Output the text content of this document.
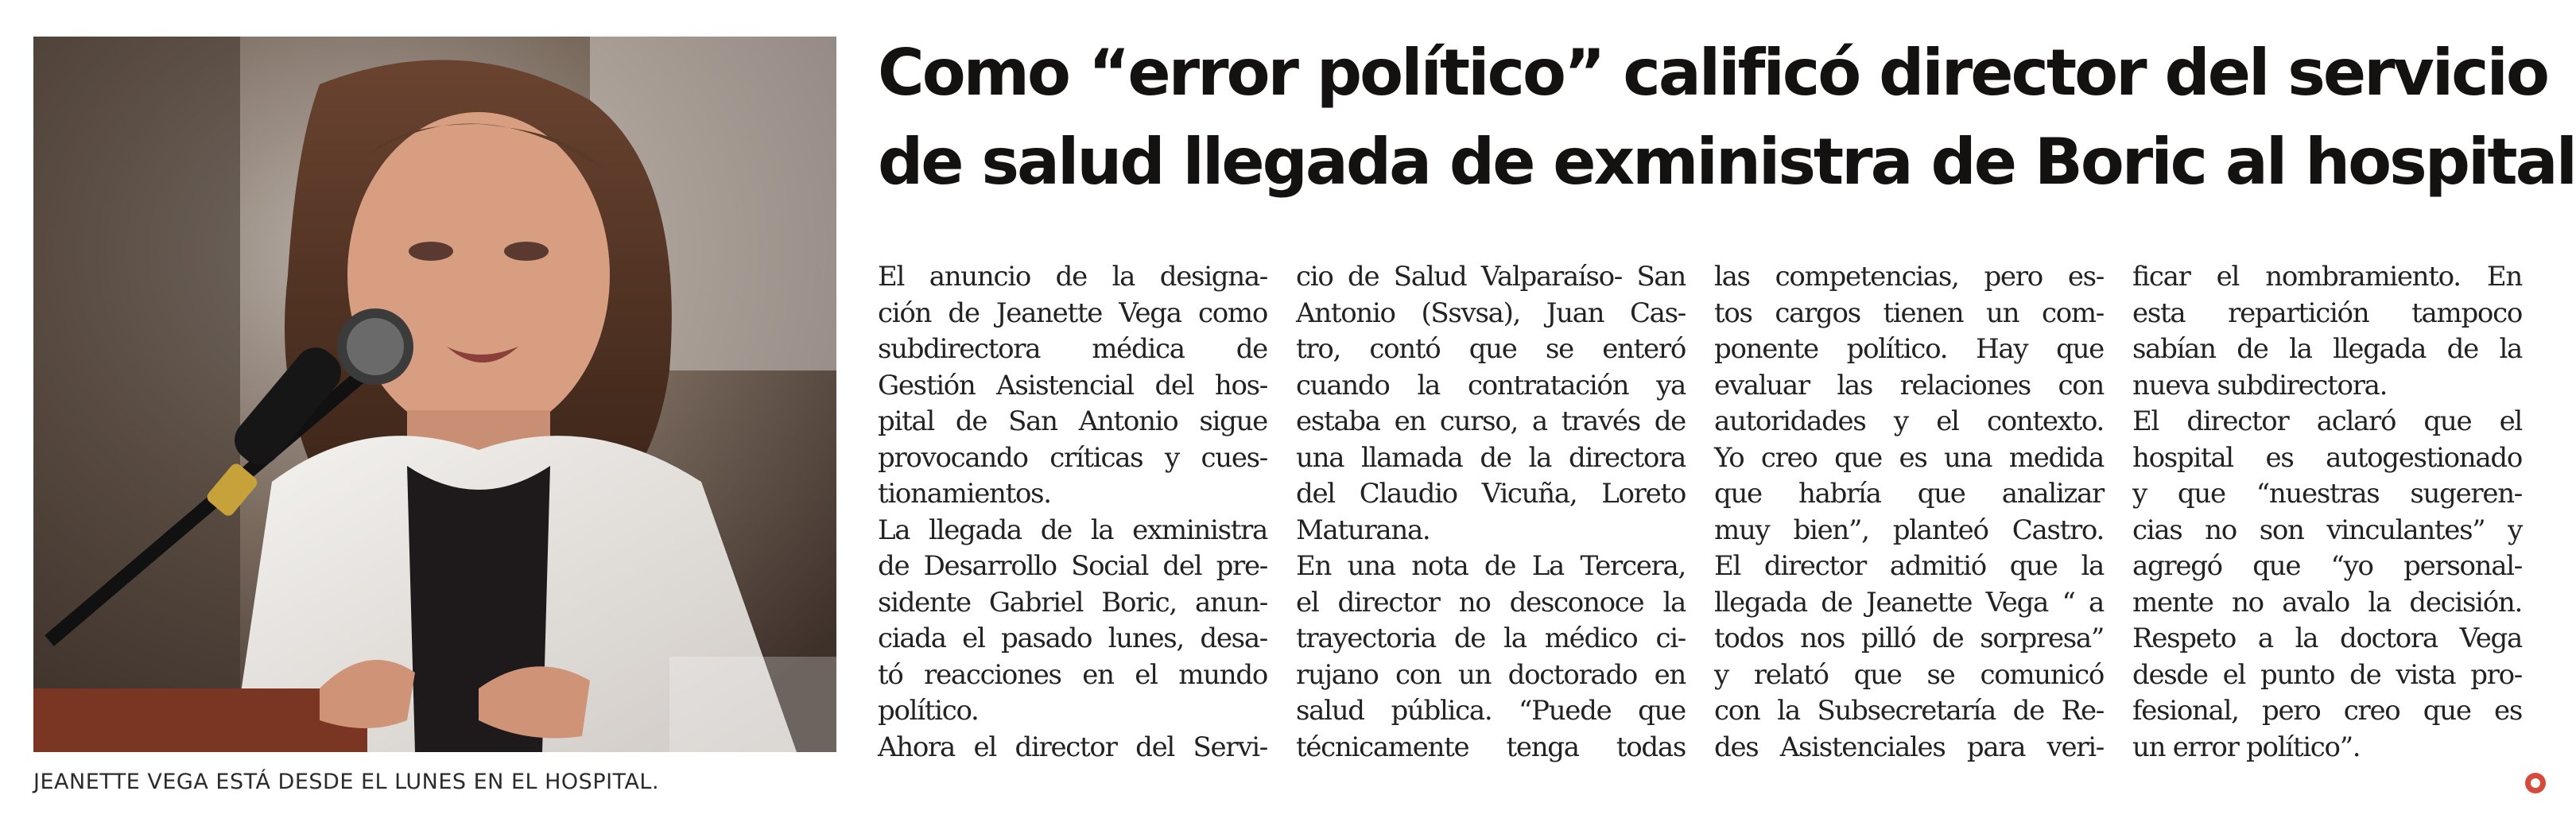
JEANETTE VEGA ESTÁ DESDE EL LUNES EN EL HOSPITAL.
Como “error político” calificó director del servicio
de salud llegada de exministra de Boric al hospital
El anuncio de la designa-
ción de Jeanette Vega como
subdirectora médica de
Gestión Asistencial del hos-
pital de San Antonio sigue
provocando críticas y cues-
tionamientos.
La llegada de la exministra
de Desarrollo Social del pre-
sidente Gabriel Boric, anun-
ciada el pasado lunes, desa-
tó reacciones en el mundo
político.
Ahora el director del Servi-
cio de Salud Valparaíso- San
Antonio (Ssvsa), Juan Cas-
tro, contó que se enteró
cuando la contratación ya
estaba en curso, a través de
una llamada de la directora
del Claudio Vicuña, Loreto
Maturana.
En una nota de La Tercera,
el director no desconoce la
trayectoria de la médico ci-
rujano con un doctorado en
salud pública. “Puede que
técnicamente tenga todas
las competencias, pero es-
tos cargos tienen un com-
ponente político. Hay que
evaluar las relaciones con
autoridades y el contexto.
Yo creo que es una medida
que habría que analizar
muy bien”, planteó Castro.
El director admitió que la
llegada de Jeanette Vega “ a
todos nos pilló de sorpresa”
y relató que se comunicó
con la Subsecretaría de Re-
des Asistenciales para veri-
ficar el nombramiento. En
esta repartición tampoco
sabían de la llegada de la
nueva subdirectora.
El director aclaró que el
hospital es autogestionado
y que “nuestras sugeren-
cias no son vinculantes” y
agregó que “yo personal-
mente no avalo la decisión.
Respeto a la doctora Vega
desde el punto de vista pro-
fesional, pero creo que es
un error político”.
